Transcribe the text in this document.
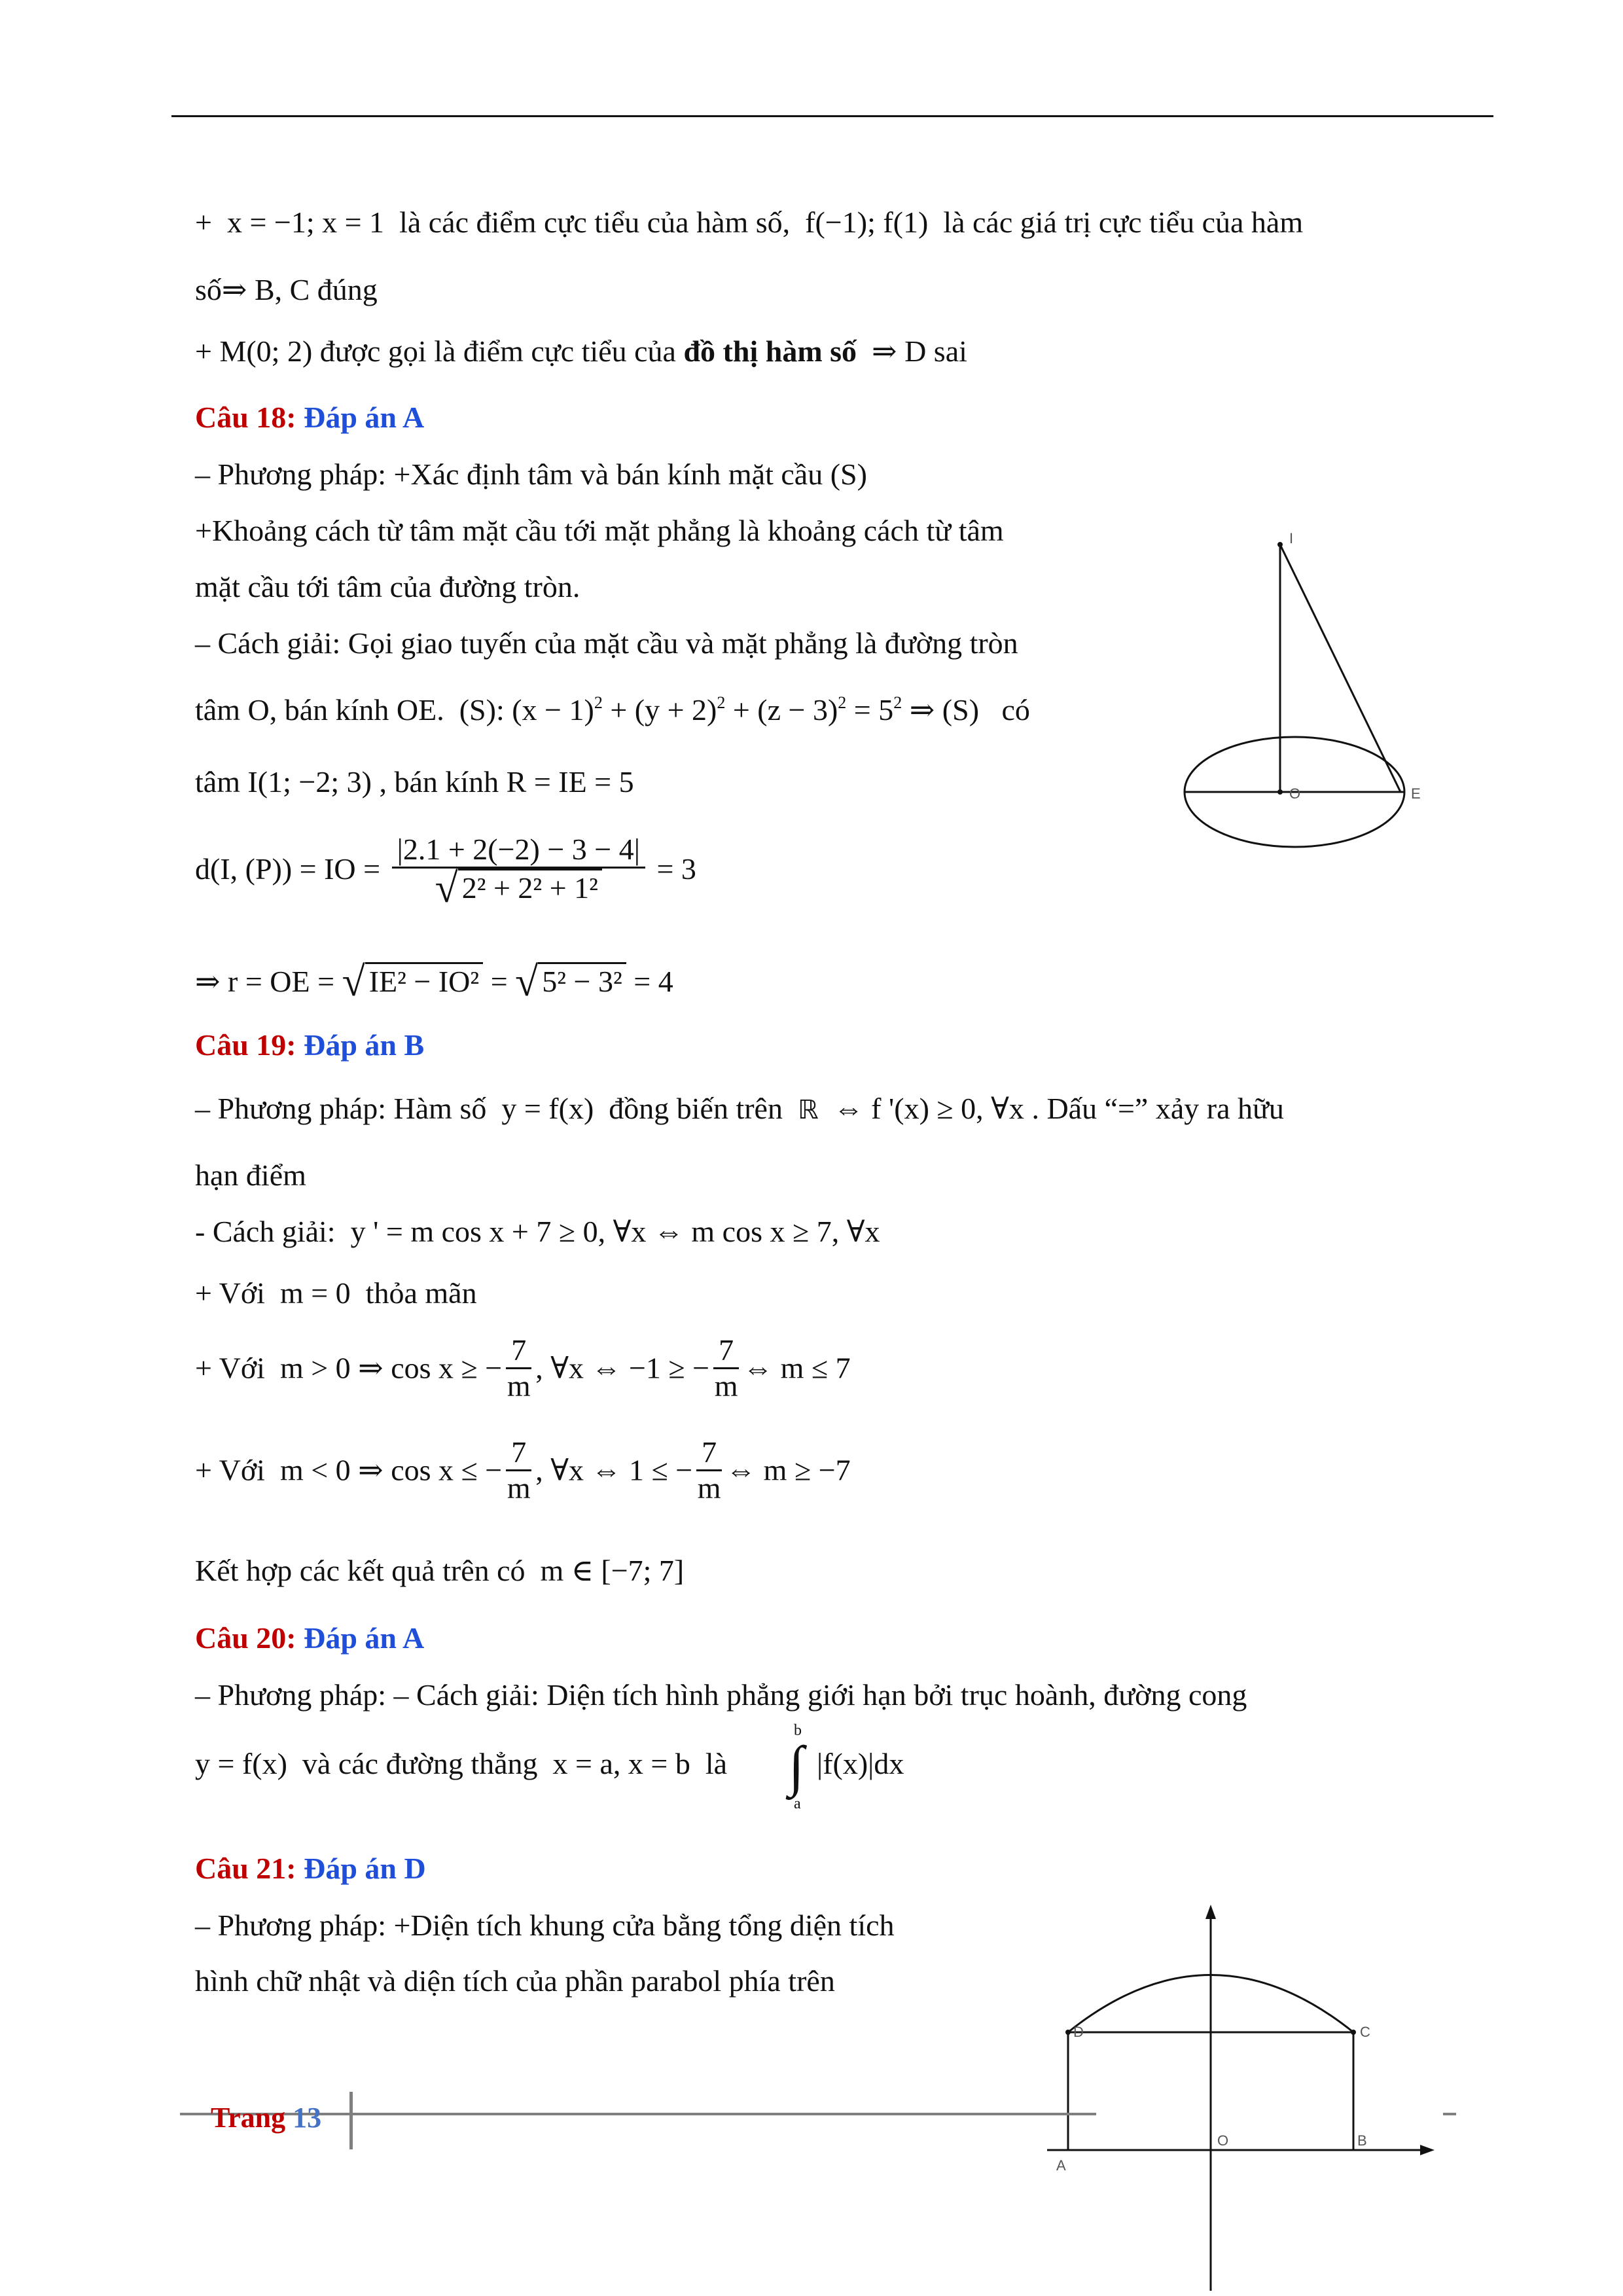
+ x = −1; x = 1 là các điểm cực tiểu của hàm số, f(−1); f(1) là các giá trị cực tiểu của hàm
số⇒ B, C đúng
+ M(0; 2) được gọi là điểm cực tiểu của đồ thị hàm số ⇒ D sai
Câu 18: Đáp án A
– Phương pháp: +Xác định tâm và bán kính mặt cầu (S)
+Khoảng cách từ tâm mặt cầu tới mặt phẳng là khoảng cách từ tâm
mặt cầu tới tâm của đường tròn.
– Cách giải: Gọi giao tuyến của mặt cầu và mặt phẳng là đường tròn
tâm O, bán kính OE. (S): $(x - 1)^2 + (y + 2)^2 + (z - 3)^2 = 5^2$ ⇒ (S) có
tâm I(1; −2; 3) , bán kính R = IE = 5
d(I, (P)) = IO = $\frac{|2.1 + 2(-2) - 3 - 4|}{\text{√ 2² + 2² + 1²}} = 3$
⇒ r = OE = √ IE² − IO² = √ 5² − 3² = 4
I
O	E
Câu 19: Đáp án B
– Phương pháp: Hàm số y = f(x) đồng biến trên ℝ ⇔ f '(x) ≥ 0, ∀x . Dấu “=” xảy ra hữu
hạn điểm
- Cách giải: y ' = m cos x + 7 ≥ 0, ∀x ⇔ m cos x ≥ 7, ∀x
+ Với m = 0 thỏa mãn
+ Với m > 0 ⇒ cos x ≥ − $\frac{7}{m}$ , ∀x ⇔ −1 ≥ − $\frac{7}{m}$ ⇔ m ≤ 7
+ Với m < 0 ⇒ cos x ≤ − $\frac{7}{m}$ , ∀x ⇔ 1 ≤ − $\frac{7}{m}$ ⇔ m ≥ −7
Kết hợp các kết quả trên có m ∈ [−7; 7]
Câu 20: Đáp án A
– Phương pháp: – Cách giải: Diện tích hình phẳng giới hạn bởi trục hoành, đường cong
y = f(x) và các đường thẳng x = a, x = b là
b
∫
a
|f(x)|dx
Câu 21: Đáp án D
– Phương pháp: +Diện tích khung cửa bằng tổng diện tích
hình chữ nhật và diện tích của phần parabol phía trên
D	C
O	B
A
Trang 13
